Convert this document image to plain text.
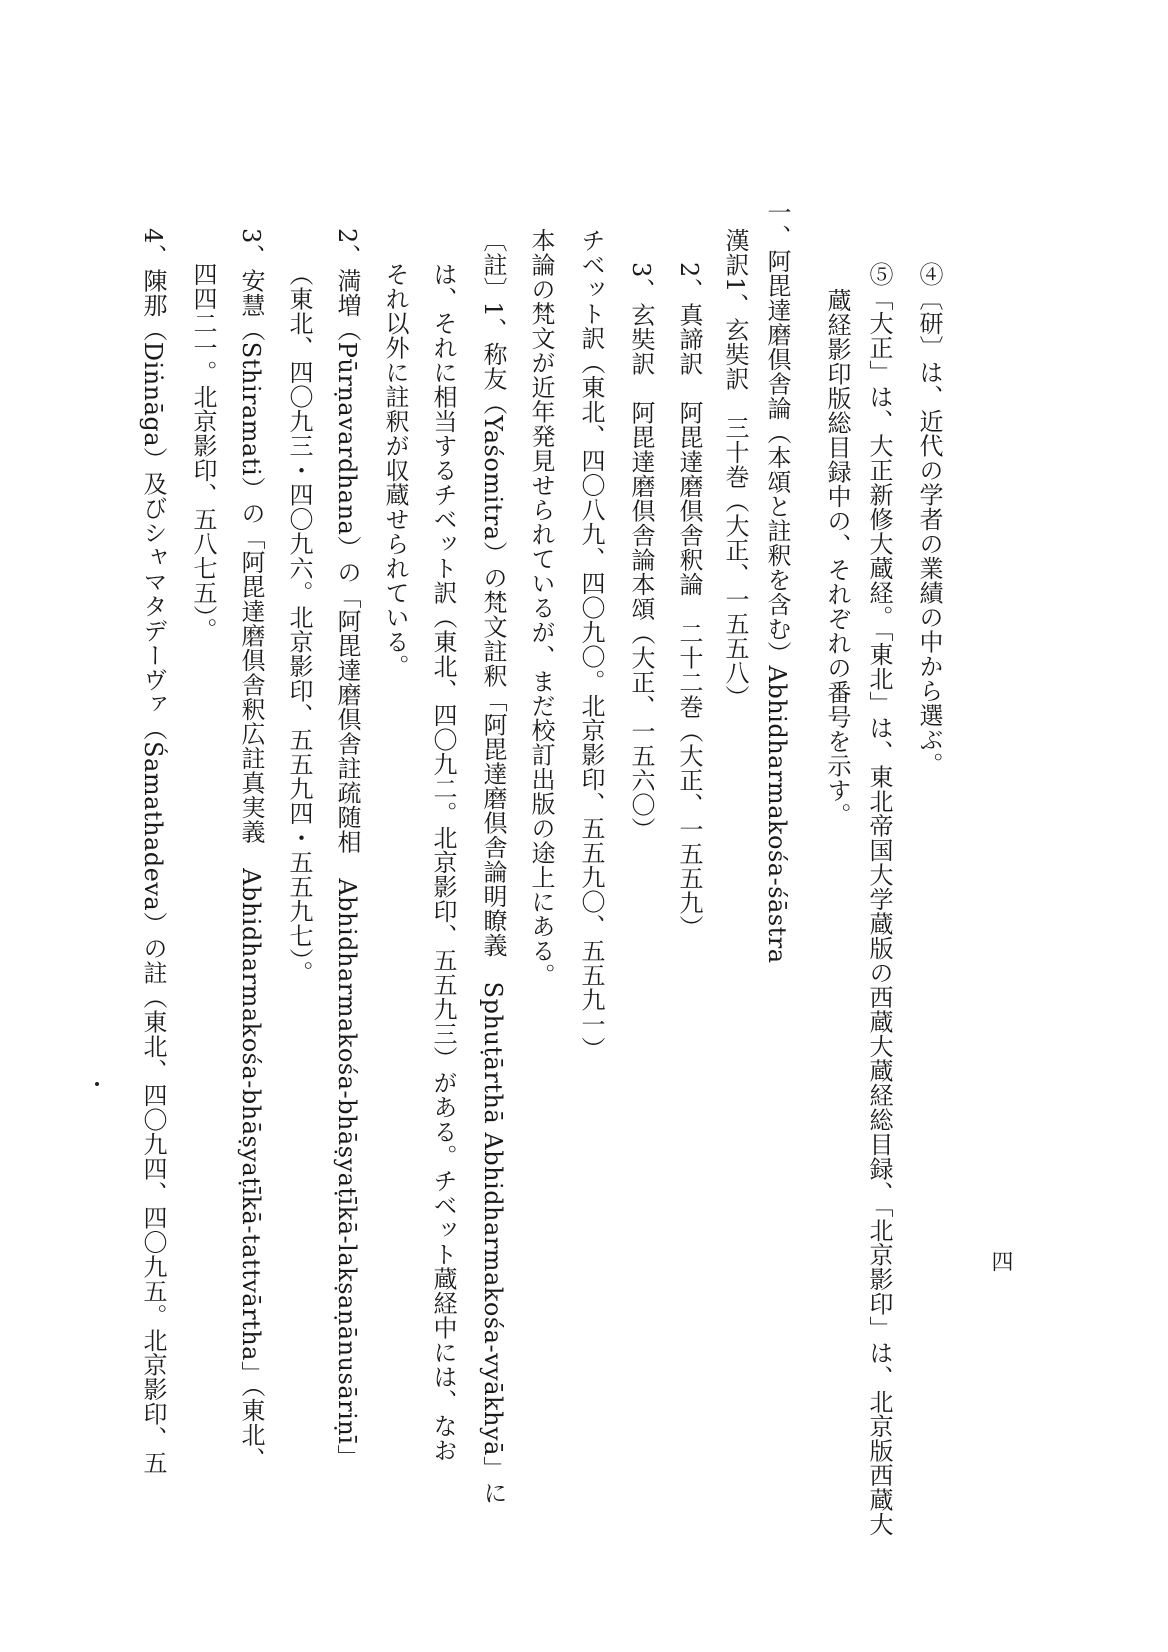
四
④〔研〕は、近代の学者の業績の中から選ぶ。
⑤「大正」は、大正新修大蔵経。「東北」は、東北帝国大学蔵版の西蔵大蔵経総目録、「北京影印」は、北京版西蔵大
蔵経影印版総目録中の、それぞれの番号を示す。
一、阿毘達磨倶舎論（本頌と註釈を含む）Abhidharmakośa-śāstra
漢訳1、玄奘訳　三十巻（大正、一五五八）
2、真諦訳　阿毘達磨倶舎釈論　二十二巻（大正、一五五九）
3、玄奘訳　阿毘達磨倶舎論本頌（大正、一五六〇）
チベット訳（東北、四〇八九、四〇九〇。北京影印、五五九〇、五五九一）
本論の梵文が近年発見せられているが、まだ校訂出版の途上にある。
〔註〕1、称友（Yaśomitra）の梵文註釈「阿毘達磨倶舎論明瞭義　Sphuṭārthā Abhidharmakośa-vyākhyā」に
は、それに相当するチベット訳（東北、四〇九二。北京影印、五五九三）がある。チベット蔵経中には、なお
それ以外に註釈が収蔵せられている。
2、満増（Pūrṇavardhana）の「阿毘達磨倶舎註疏随相　Abhidharmakośa-bhāṣyaṭīkā-lakṣaṇānusāriṇī」
（東北、四〇九三・四〇九六。北京影印、五五九四・五五九七）。
3、安慧（Sthiramati）の「阿毘達磨倶舎釈広註真実義　Abhidharmakośa-bhāṣyaṭīkā-tattvārtha」（東北、
四四二一。北京影印、五八七五）。
4、陳那（Diṅnāga）及びシャマタデーヴァ（Śamathadeva）の註（東北、四〇九四、四〇九五。北京影印、五
